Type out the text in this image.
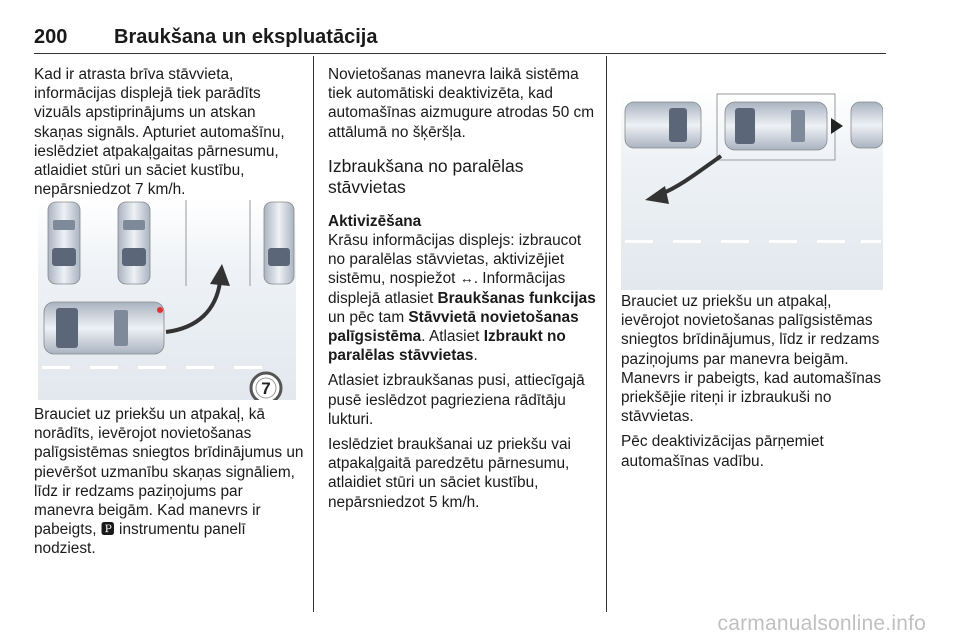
200 Braukšana un ekspluatācija

Kad ir atrasta brīva stāvvieta, informācijas displejā tiek parādīts vizuāls apstiprinājums un atskan skaņas signāls. Apturiet automašīnu, ieslēdziet atpakaļgaitas pārnesumu, atlaidiet stūri un sāciet kustību, nepārsniedzot 7 km/h.

7

Brauciet uz priekšu un atpakaļ, kā norādīts, ievērojot novietošanas palīgsistēmas sniegtos brīdinājumus un pievēršot uzmanību skaņas signāliem, līdz ir redzams paziņojums par manevra beigām. Kad manevrs ir pabeigts, 🅿 instrumentu panelī nodziest.

Novietošanas manevra laikā sistēma tiek automātiski deaktivizēta, kad automašīnas aizmugure atrodas 50 cm attālumā no šķēršļa.

Izbraukšana no paralēlas stāvvietas

Aktivizēšana

Krāsu informācijas displejs: izbraucot no paralēlas stāvvietas, aktivizējiet sistēmu, nospiežot ↔. Informācijas displejā atlasiet Braukšanas funkcijas un pēc tam Stāvvietā novietošanas palīgsistēma. Atlasiet Izbraukt no paralēlas stāvvietas.

Atlasiet izbraukšanas pusi, attiecīgajā pusē ieslēdzot pagrieziena rādītāju lukturi.

Ieslēdziet braukšanai uz priekšu vai atpakaļgaitā paredzētu pārnesumu, atlaidiet stūri un sāciet kustību, nepārsniedzot 5 km/h.

Brauciet uz priekšu un atpakaļ, ievērojot novietošanas palīgsistēmas sniegtos brīdinājumus, līdz ir redzams paziņojums par manevra beigām. Manevrs ir pabeigts, kad automašīnas priekšējie riteņi ir izbraukuši no stāvvietas.

Pēc deaktivizācijas pārņemiet automašīnas vadību.

carmanualsonline.info
